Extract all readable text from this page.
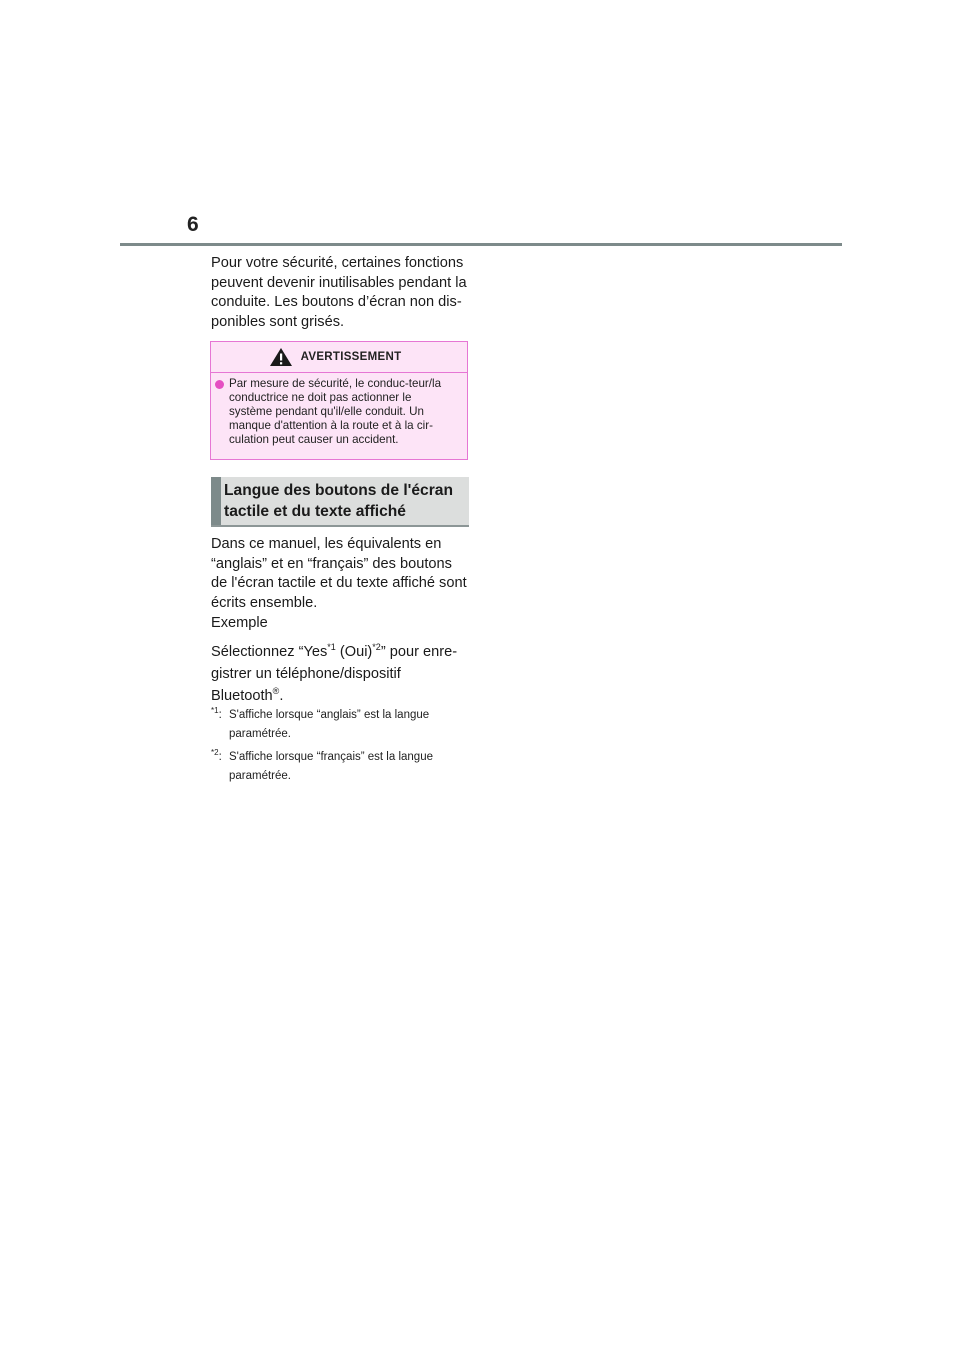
6

Pour votre sécurité, certaines fonctions peuvent devenir inutilisables pendant la conduite. Les boutons d’écran non dis-ponibles sont grisés.

AVERTISSEMENT
Par mesure de sécurité, le conduc-teur/la conductrice ne doit pas actionner le système pendant qu'il/elle conduit. Un manque d'attention à la route et à la cir-culation peut causer un accident.
Langue des boutons de l'écran tactile et du texte affiché

Dans ce manuel, les équivalents en “anglais” et en “français” des boutons de l'écran tactile et du texte affiché sont écrits ensemble.

Exemple

Sélectionnez “Yes$^{*1}$ (Oui)$^{*2}$” pour enre-gistrer un téléphone/dispositif Bluetooth®.

$^{*1}$: S'affiche lorsque “anglais” est la langue paramétrée.
$^{*2}$: S'affiche lorsque “français” est la langue paramétrée.
